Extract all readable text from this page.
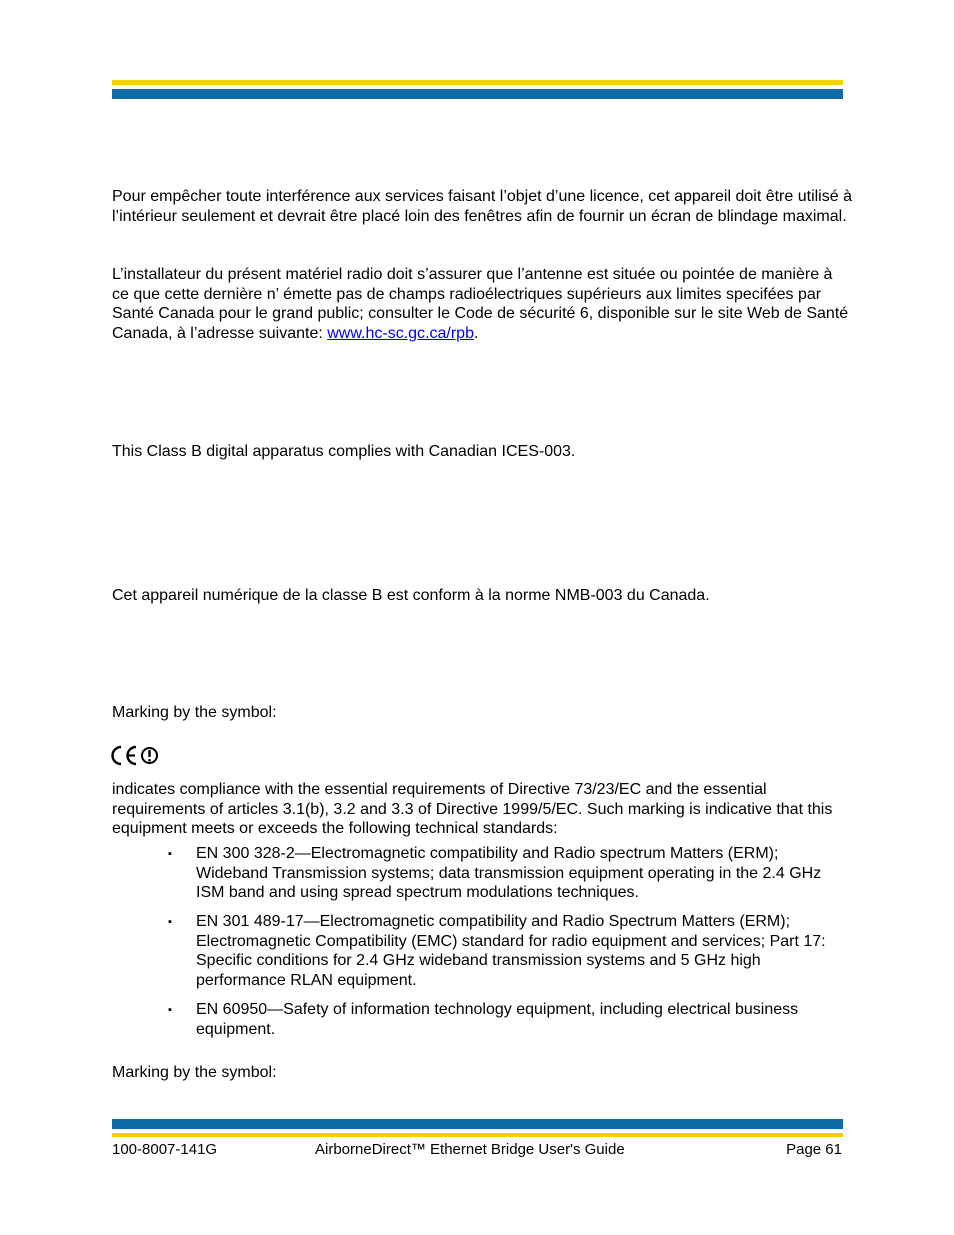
Pour empêcher toute interférence aux services faisant l’objet d’une licence, cet appareil doit être utilisé à l’intérieur seulement et devrait être placé loin des fenêtres afin de fournir un écran de blindage maximal.

L’installateur du présent matériel radio doit s’assurer que l’antenne est située ou pointée de manière à ce que cette dernière n’ émette pas de champs radioélectriques supérieurs aux limites specifées par Santé Canada pour le grand public; consulter le Code de sécurité 6, disponible sur le site Web de Santé Canada, à l’adresse suivante: www.hc-sc.gc.ca/rpb.

This Class B digital apparatus complies with Canadian ICES-003.

Cet appareil numérique de la classe B est conform à la norme NMB-003 du Canada.

Marking by the symbol:

indicates compliance with the essential requirements of Directive 73/23/EC and the essential requirements of articles 3.1(b), 3.2 and 3.3 of Directive 1999/5/EC. Such marking is indicative that this equipment meets or exceeds the following technical standards:

▪	EN 300 328-2—Electromagnetic compatibility and Radio spectrum Matters (ERM); Wideband Transmission systems; data transmission equipment operating in the 2.4 GHz ISM band and using spread spectrum modulations techniques.

▪	EN 301 489-17—Electromagnetic compatibility and Radio Spectrum Matters (ERM); Electromagnetic Compatibility (EMC) standard for radio equipment and services; Part 17: Specific conditions for 2.4 GHz wideband transmission systems and 5 GHz high performance RLAN equipment.

▪	EN 60950—Safety of information technology equipment, including electrical business equipment.

Marking by the symbol:

100-8007-141G	AirborneDirect™ Ethernet Bridge User's Guide	Page 61
